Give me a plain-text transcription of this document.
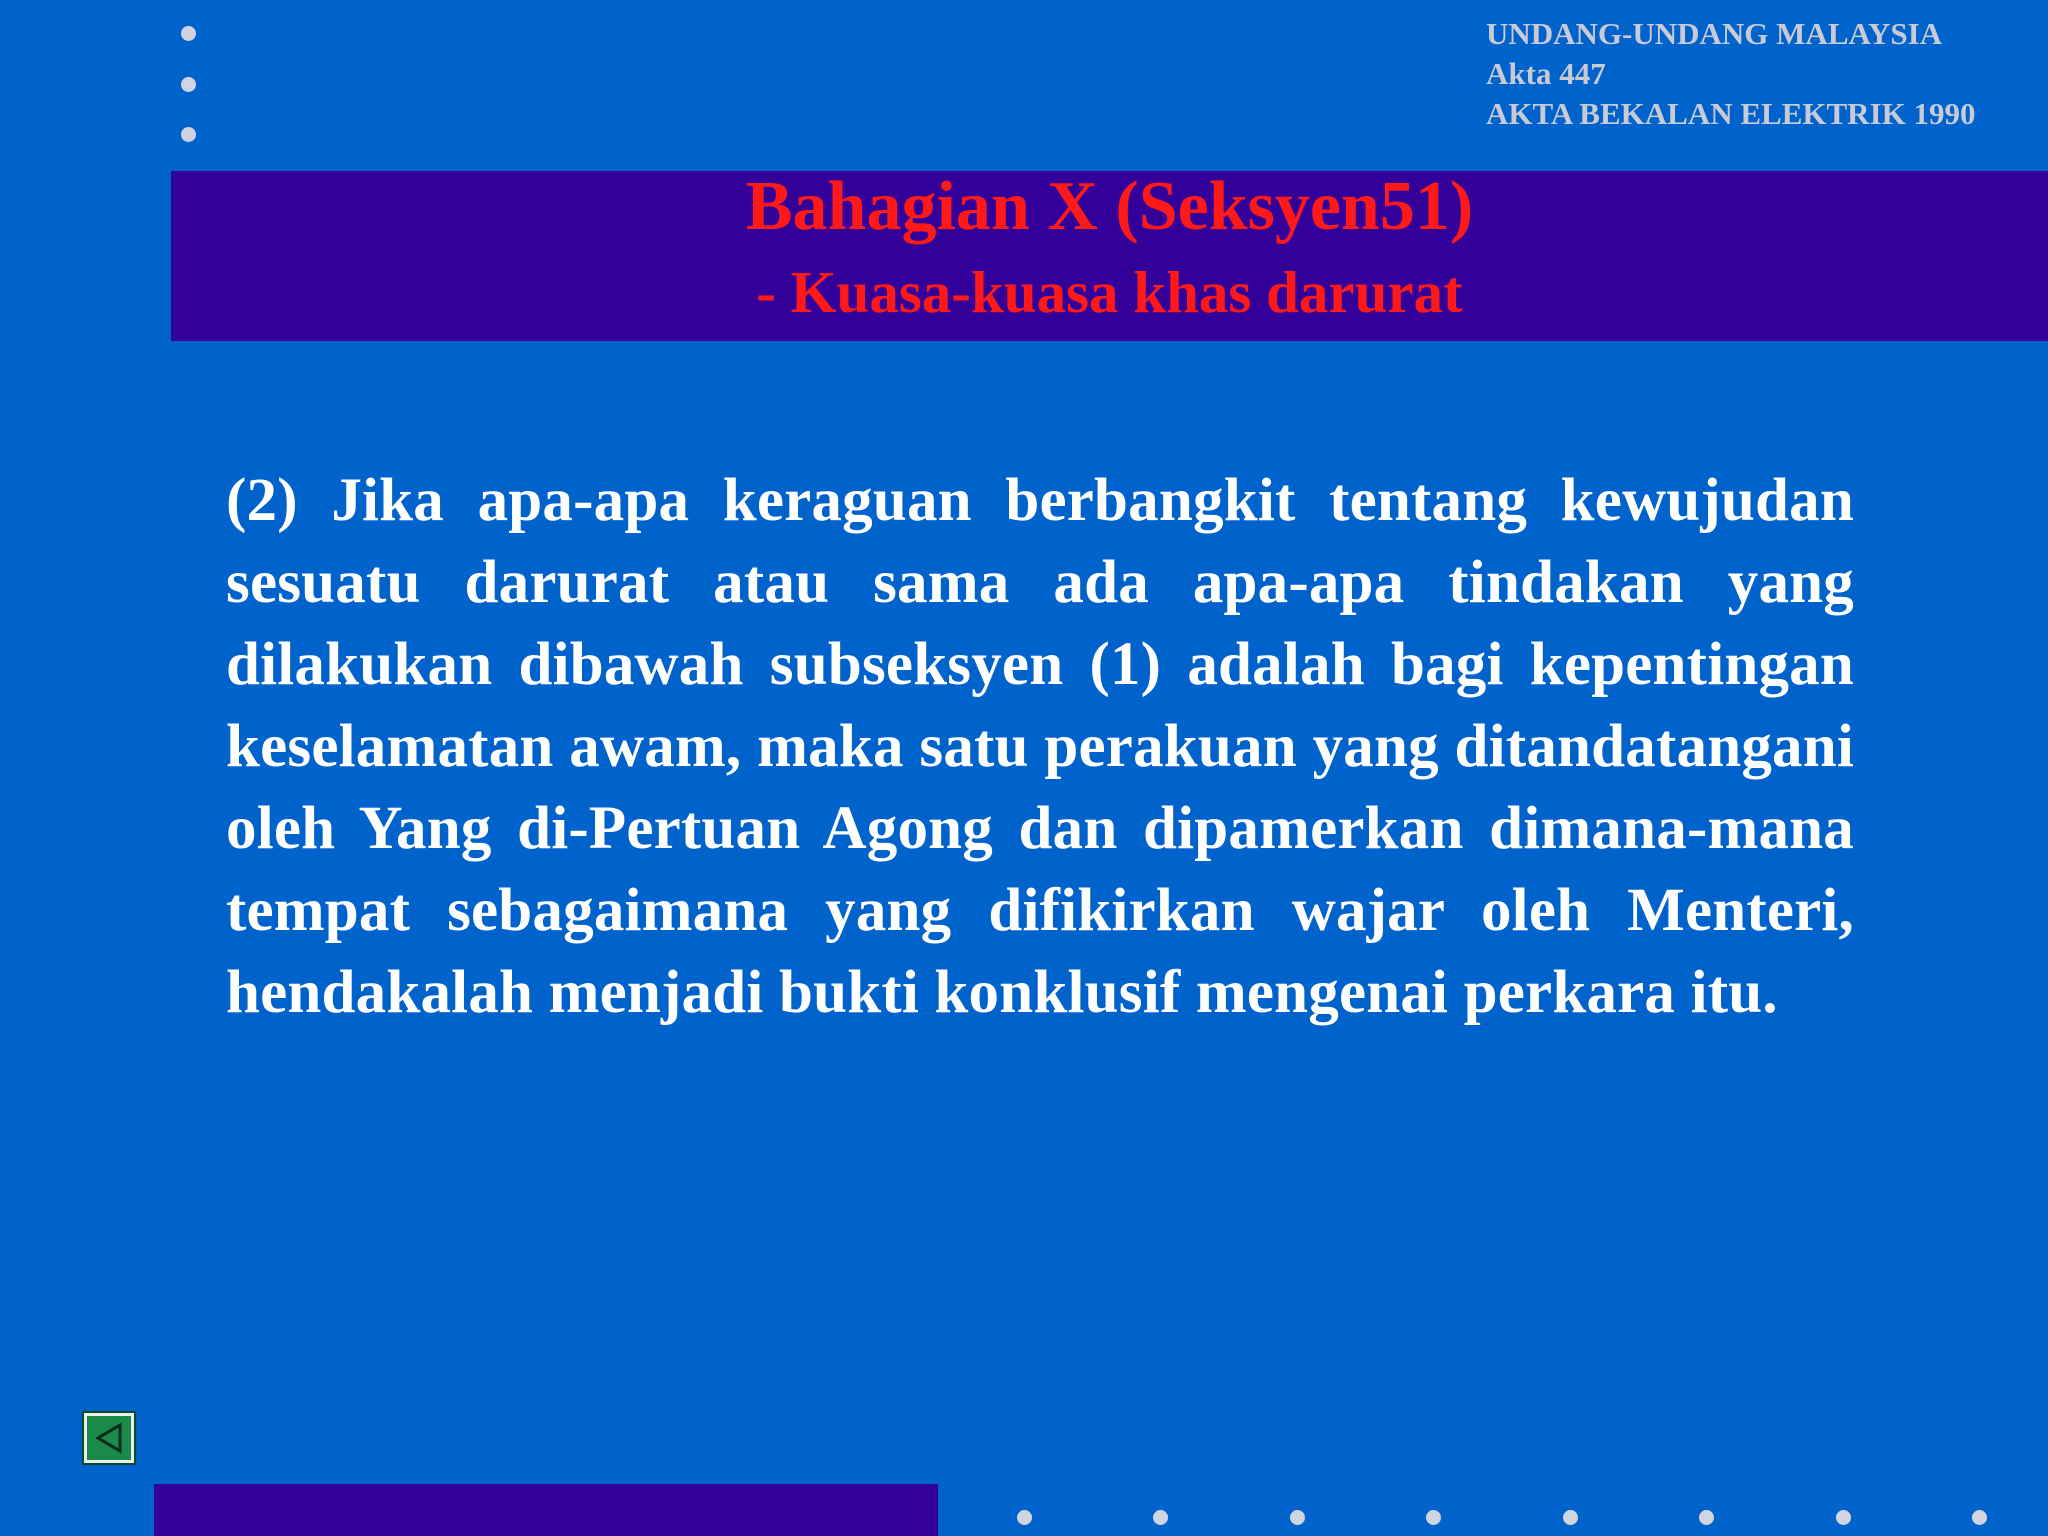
UNDANG-UNDANG MALAYSIA
Akta 447
AKTA BEKALAN ELEKTRIK 1990
Bahagian X (Seksyen51)
- Kuasa-kuasa khas darurat
(2) Jika apa-apa keraguan berbangkit tentang kewujudan sesuatu darurat atau sama ada apa-apa tindakan yang dilakukan dibawah subseksyen (1) adalah bagi kepentingan keselamatan awam, maka satu perakuan yang ditandatangani oleh Yang di-Pertuan Agong dan dipamerkan dimana-mana tempat sebagaimana yang difikirkan wajar oleh Menteri, hendakalah menjadi bukti konklusif mengenai perkara itu.
